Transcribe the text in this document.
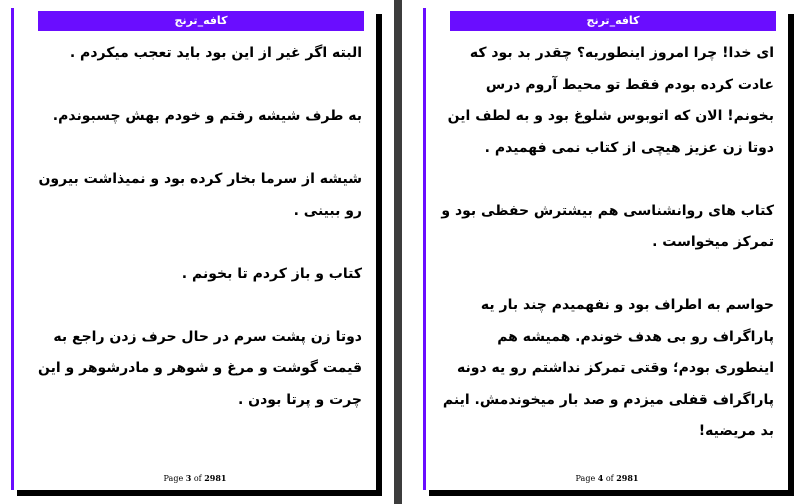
کافه_ترنج

البته اگر غیر از این بود باید تعجب میکردم .

به طرف شیشه رفتم و خودم بهش چسبوندم.

شیشه از سرما بخار کرده بود و نمیذاشت بیرون رو ببینی .

کتاب و باز کردم تا بخونم .

دوتا زن پشت سرم در حال حرف زدن راجع به قیمت گوشت و مرغ و شوهر و مادرشوهر و این چرت و پرتا بودن .

Page 3 of 2981
کافه_ترنج

ای خدا! چرا امروز اینطوریه؟ چقدر بد بود که عادت کرده بودم فقط تو محیط آروم درس بخونم! الان که اتوبوس شلوغ بود و به لطف این دوتا زن عزیز هیچی از کتاب نمی فهمیدم .

کتاب های روانشناسی هم بیشترش حفظی بود و تمرکز میخواست .

حواسم به اطراف بود و نفهمیدم چند بار یه پاراگراف رو بی هدف خوندم. همیشه هم اینطوری بودم؛ وقتی تمرکز نداشتم رو یه دونه پاراگراف قفلی میزدم و صد بار میخوندمش. اینم بد مریضیه!

Page 4 of 2981
